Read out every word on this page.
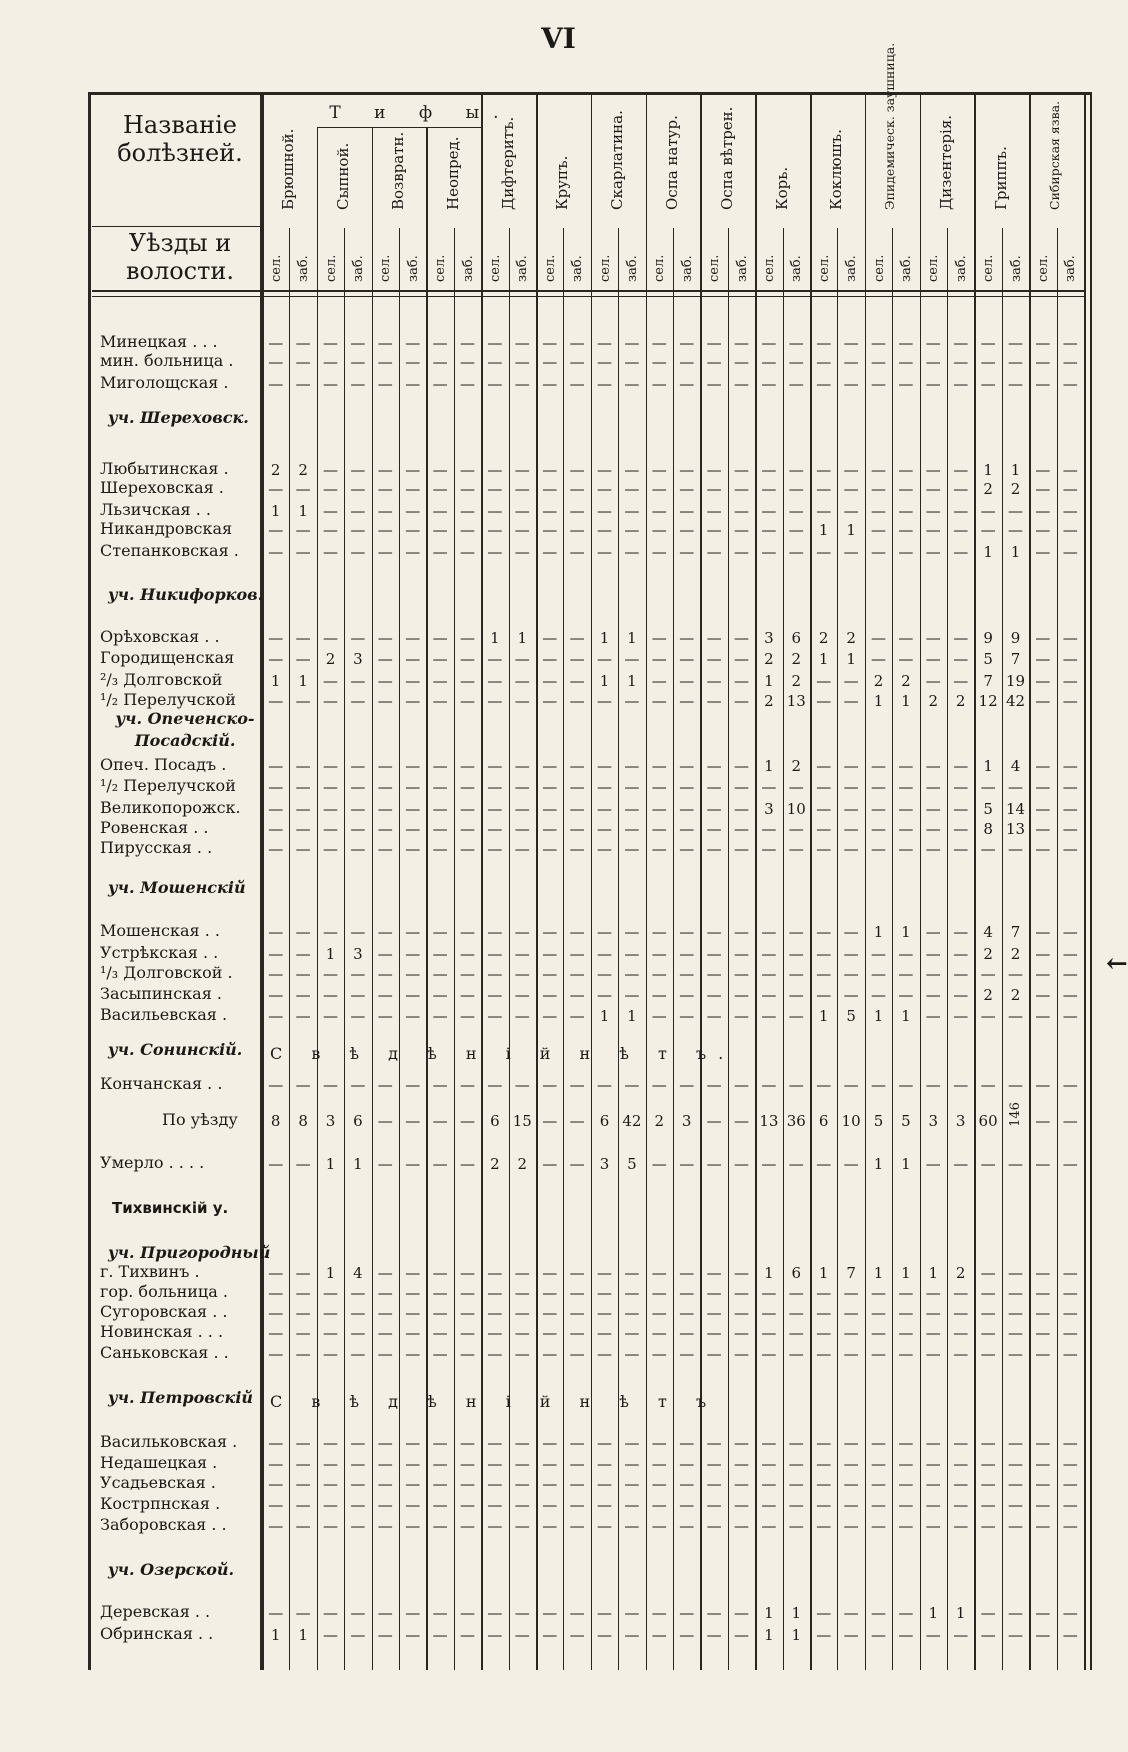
VI
Названіе болѣзней.
Уѣзды и волости.
Т и ф ы.
Брюшной. Сыпной. Возвратн. Неопред. Дифтеритъ. Крупъ. Скарлатина. Оспа натур. Оспа вѣтрен. Корь. Коклюшъ.	Эпидемическ. заушница.	Дизентерія. Гриппъ.	Сибирская язва.
сел. заб. сел. заб. сел. заб. сел. заб. сел. заб. сел. заб. сел. заб. сел. заб. сел. заб. сел. заб. сел. заб. сел. заб. сел. заб. сел. заб. сел. заб.
Минецкая . . .	— — — — — — — — — — — — — — — — — — — — — — — — — — — — — —
мин. больница .	— — — — — — — — — — — — — — — — — — — — — — — — — — — — — —
Миголощская .	— — — — — — — — — — — — — — — — — — — — — — — — — — — — — —
уч. Шереховск.
Любытинская .	2	2	— — — — — — — — — — — — — — — — — — — — — — — —	1	1	— —
Шереховская .	— — — — — — — — — — — — — — — — — — — — — — — — — —	2	2	— —
Льзичская . .	1	1	— — — — — — — — — — — — — — — — — — — — — — — — — — — —
Никандровская	— — — — — — — — — — — — — — — — — — — —	1	1	— — — — — — — —
Степанковская .	— — — — — — — — — — — — — — — — — — — — — — — — — —	1	1	— —
уч. Никифорков.
Орѣховская . .	— — — — — — — —	1	1	— —	1	1	— — — —	3	6	2	2	— — — —	9	9	— —
Городищенская	— —	2	3	— — — — — — — — — — — — — —	2	2	1	1	— — — —	5	7	— —
²/₃ Долговской	1	1	— — — — — — — — — —	1	1	— — — —	1	2	— —	2	2	— —	7 19 — —
¹/₂ Перелучской	— — — — — — — — — — — — — — — — — —	2 13 — —	1	1	2	2 12 42 — —
уч. Опеченско-Посадскій.
Опеч. Посадъ .	— — — — — — — — — — — — — — — — — —	1	2	— — — — — —	1	4	— —
¹/₂ Перелучской	— — — — — — — — — — — — — — — — — — — — — — — — — — — — — —
Великопорожск.	— — — — — — — — — — — — — — — — — —	3 10 — — — — — —	5 14 — —
Ровенская . .	— — — — — — — — — — — — — — — — — — — — — — — — — —	8 13 — —
Пирусская . .	— — — — — — — — — — — — — — — — — — — — — — — — — — — — — —
уч. Мошенскій
Мошенская . .	— — — — — — — — — — — — — — — — — — — — — —	1	1	— —	4	7	— —
Устрѣкская . .	— —	1	3	— — — — — — — — — — — — — — — — — — — — — —	2	2	— —
¹/₃ Долговской .	— — — — — — — — — — — — — — — — — — — — — — — — — — — — — —
Засыпинская .	— — — — — — — — — — — — — — — — — — — — — — — — — —	2	2	— —
Васильевская .	— — — — — — — — — — — —	1	1	— — — — — —	1	5	1	1	— — — — — —
уч. Сонинскій. С в ѣ д ѣ н і й н ѣ т ъ.
Кончанская . .	— — — — — — — — — — — — — — — — — — — — — — — — — — — — — —
По уѣзду	8	8	3	6	— — — —	6 15 — —	6 42 2	3	— — 13 36 6 10 5	5	3	3 60 146 — —
Умерло . . . .	— —	1	1	— — — —	2	2	— —	3	5	— — — — — — — —	1	1	— — — — — —
Тихвинскій у.
уч. Пригородный
г. Тихвинъ .	— —	1	4	— — — — — — — — — — — — — —	1	6	1	7	1	1	1	2	— — — —
гор. больница .	— — — — — — — — — — — — — — — — — — — — — — — — — — — — — —
Сугоровская . .	— — — — — — — — — — — — — — — — — — — — — — — — — — — — — —
Новинская . . .	— — — — — — — — — — — — — — — — — — — — — — — — — — — — — —
Саньковская . .	— — — — — — — — — — — — — — — — — — — — — — — — — — — — — —
уч. Петровскій С в ѣ д ѣ н і й н ѣ т ъ
Васильковская .	— — — — — — — — — — — — — — — — — — — — — — — — — — — — — —
Недашецкая .	— — — — — — — — — — — — — — — — — — — — — — — — — — — — — —
Усадьевская .	— — — — — — — — — — — — — — — — — — — — — — — — — — — — — —
Кострпнская .	— — — — — — — — — — — — — — — — — — — — — — — — — — — — — —
Заборовская . .	— — — — — — — — — — — — — — — — — — — — — — — — — — — — — —
уч. Озерской.
Деревская . .	— — — — — — — — — — — — — — — — — —	1	1	— — — —	1	1	— — — —
Обринская . .	1	1	— — — — — — — — — — — — — — — —	1	1	— — — — — — — — — —
←
